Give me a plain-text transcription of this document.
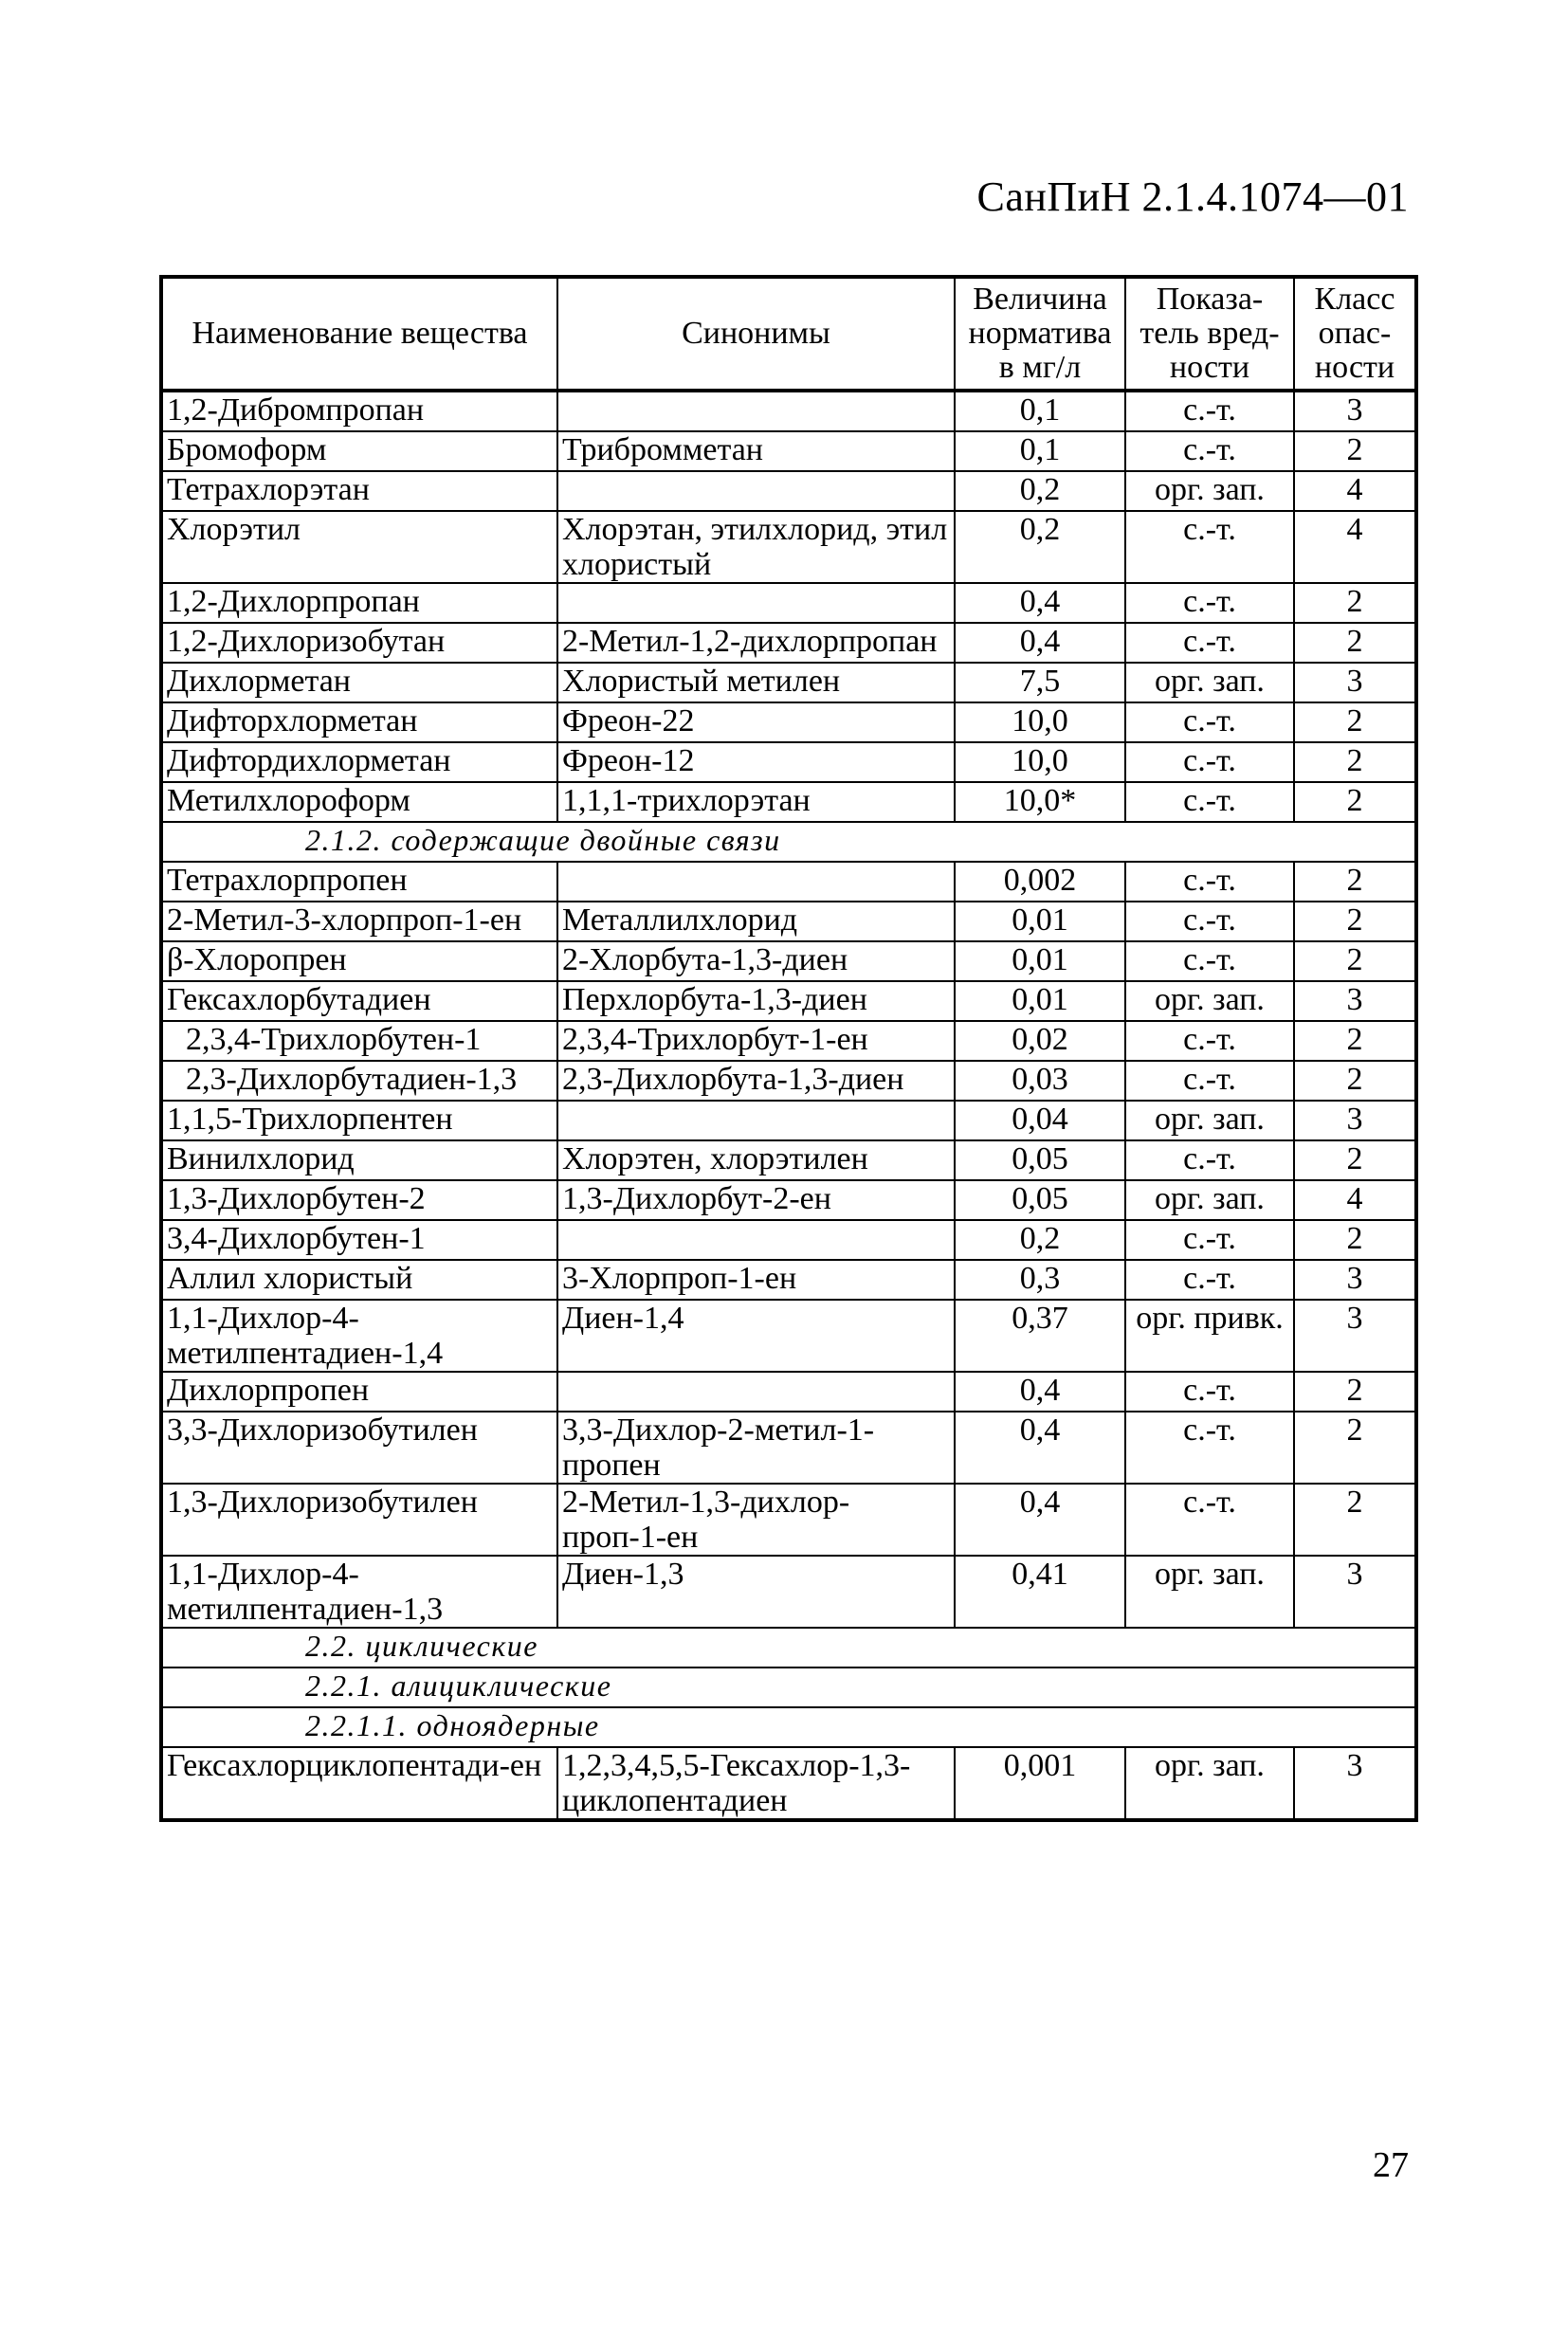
СанПиН 2.1.4.1074—01
Наименование вещества	Синонимы	Величина норматива в мг/л	Показа-тель вред-ности	Класс опас-ности
1,2-Дибромпропан		0,1	с.-т.	3
Бромоформ	Трибромметан	0,1	с.-т.	2
Тетрахлорэтан		0,2	орг. зап.	4
Хлорэтил	Хлорэтан, этилхлорид, этил хлористый	0,2	с.-т.	4
1,2-Дихлорпропан		0,4	с.-т.	2
1,2-Дихлоризобутан	2-Метил-1,2-дихлорпропан	0,4	с.-т.	2
Дихлорметан	Хлористый метилен	7,5	орг. зап.	3
Дифторхлорметан	Фреон-22	10,0	с.-т.	2
Дифтордихлорметан	Фреон-12	10,0	с.-т.	2
Метилхлороформ	1,1,1-трихлорэтан	10,0*	с.-т.	2
2.1.2. содержащие двойные связи				
Тетрахлорпропен		0,002	с.-т.	2
2-Метил-3-хлорпроп-1-ен	Металлилхлорид	0,01	с.-т.	2
β-Хлоропрен	2-Хлорбута-1,3-диен	0,01	с.-т.	2
Гексахлорбутадиен	Перхлорбута-1,3-диен	0,01	орг. зап.	3
2,3,4-Трихлорбутен-1	2,3,4-Трихлорбут-1-ен	0,02	с.-т.	2
2,3-Дихлорбутадиен-1,3	2,3-Дихлорбута-1,3-диен	0,03	с.-т.	2
1,1,5-Трихлорпентен		0,04	орг. зап.	3
Винилхлорид	Хлорэтен, хлорэтилен	0,05	с.-т.	2
1,3-Дихлорбутен-2	1,3-Дихлорбут-2-ен	0,05	орг. зап.	4
3,4-Дихлорбутен-1		0,2	с.-т.	2
Аллил хлористый	3-Хлорпроп-1-ен	0,3	с.-т.	3
1,1-Дихлор-4-метилпентадиен-1,4	Диен-1,4	0,37	орг. привк.	3
Дихлорпропен		0,4	с.-т.	2
3,3-Дихлоризобутилен	3,3-Дихлор-2-метил-1-пропен	0,4	с.-т.	2
1,3-Дихлоризобутилен	2-Метил-1,3-дихлор-проп-1-ен	0,4	с.-т.	2
1,1-Дихлор-4-метилпентадиен-1,3	Диен-1,3	0,41	орг. зап.	3
2.2. циклические				
2.2.1. алициклические				
2.2.1.1. одноядерные				
Гексахлорциклопентади-ен	1,2,3,4,5,5-Гексахлор-1,3-циклопентадиен	0,001	орг. зап.	3
27
